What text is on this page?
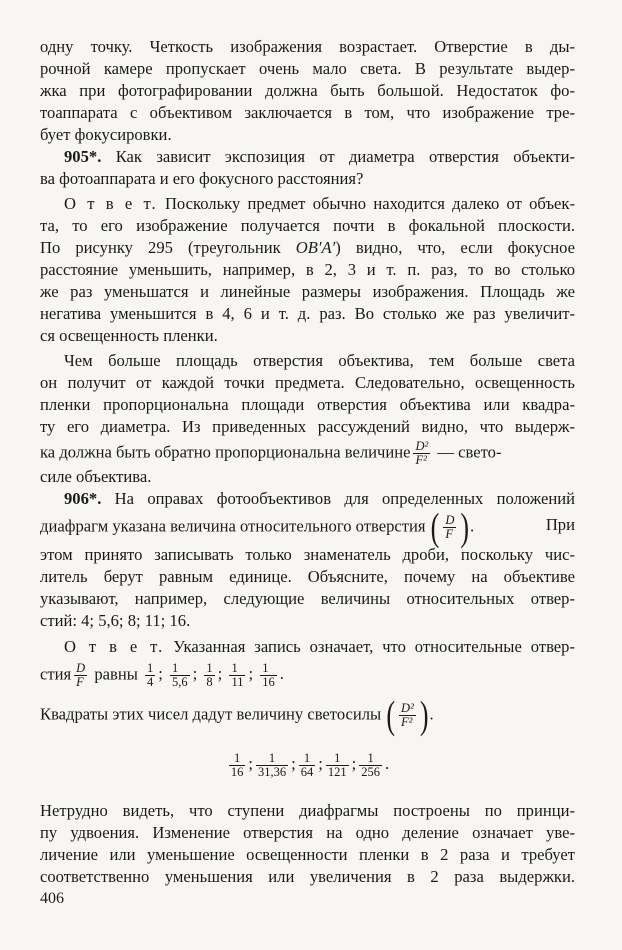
одну точку. Четкость изображения возрастает. Отверстие в ды-
рочной камере пропускает очень мало света. В результате выдер-
жка при фотографировании должна быть большой. Недостаток фо-
тоаппарата с объективом заключается в том, что изображение тре-
бует фокусировки.
905*. Как зависит экспозиция от диаметра отверстия объекти-
ва фотоаппарата и его фокусного расстояния?
О т в е т. Поскольку предмет обычно находится далеко от объек-
та, то его изображение получается почти в фокальной плоскости.
По рисунку 295 (треугольник OB′A′) видно, что, если фокусное
расстояние уменьшить, например, в 2, 3 и т. п. раз, то во столько
же раз уменьшатся и линейные размеры изображения. Площадь же
негатива уменьшится в 4, 6 и т. д. раз. Во столько же раз увеличит-
ся освещенность пленки.
Чем больше площадь отверстия объектива, тем больше света
он получит от каждой точки предмета. Следовательно, освещенность
пленки пропорциональна площади отверстия объектива или квадра-
ту его диаметра. Из приведенных рассуждений видно, что выдерж-
ка должна быть обратно пропорциональна величине $\frac{\text{D²}}{\text{F²}}$ — свето-
силе объектива.
906*. На оправах фотообъективов для определенных положений
диафрагм указана величина относительного отверстия ( $\frac{D}{F}$ ).	При
этом принято записывать только знаменатель дроби, поскольку чис-
литель берут равным единице. Объясните, почему на объективе
указывают, например, следующие величины относительных отвер-
стий: 4; 5,6; 8; 11; 16.
О т в е т. Указанная запись означает, что относительные отвер-
стия $\frac{D}{F}$ равны $\frac{1}{4}$ ; $\frac{1}{5,6}$ ; $\frac{1}{8}$ ; $\frac{1}{11}$ ; $\frac{1}{16}$ .
Квадраты этих чисел дадут величину светосилы ( $\frac{\text{D²}}{\text{F²}}$ ).
$\frac{1}{16}$ ; $\frac{1}{31,36}$ ; $\frac{1}{64}$ ; $\frac{1}{121}$ ; $\frac{1}{256}$ .
Нетрудно видеть, что ступени диафрагмы построены по принци-
пу удвоения. Изменение отверстия на одно деление означает уве-
личение или уменьшение освещенности пленки в 2 раза и требует
соответственно уменьшения или увеличения в 2 раза выдержки.
406
